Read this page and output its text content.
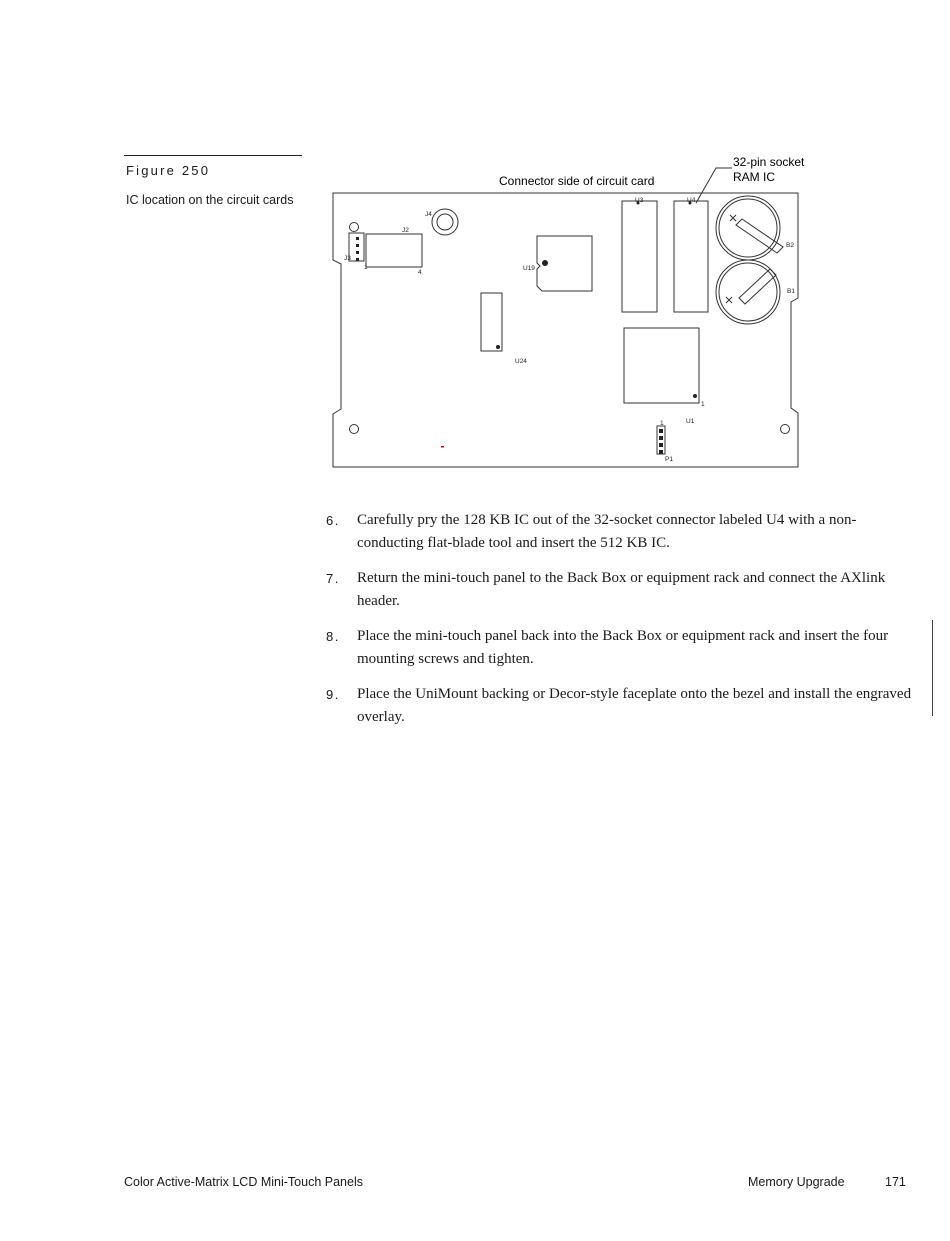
Figure 250
IC location on the circuit cards
Connector side of circuit card
32-pin socket
RAM IC
J4
J2
J3
1
4
U19
U24
U3	U4
B2
B1
1
U1
1
P1
6. Carefully pry the 128 KB IC out of the 32-socket connector labeled U4 with a non-conducting flat-blade tool and insert the 512 KB IC.
7. Return the mini-touch panel to the Back Box or equipment rack and connect the AXlink header.
8. Place the mini-touch panel back into the Back Box or equipment rack and insert the four mounting screws and tighten.
9. Place the UniMount backing or Decor-style faceplate onto the bezel and install the engraved overlay.
Color Active-Matrix LCD Mini-Touch Panels	Memory Upgrade	171
